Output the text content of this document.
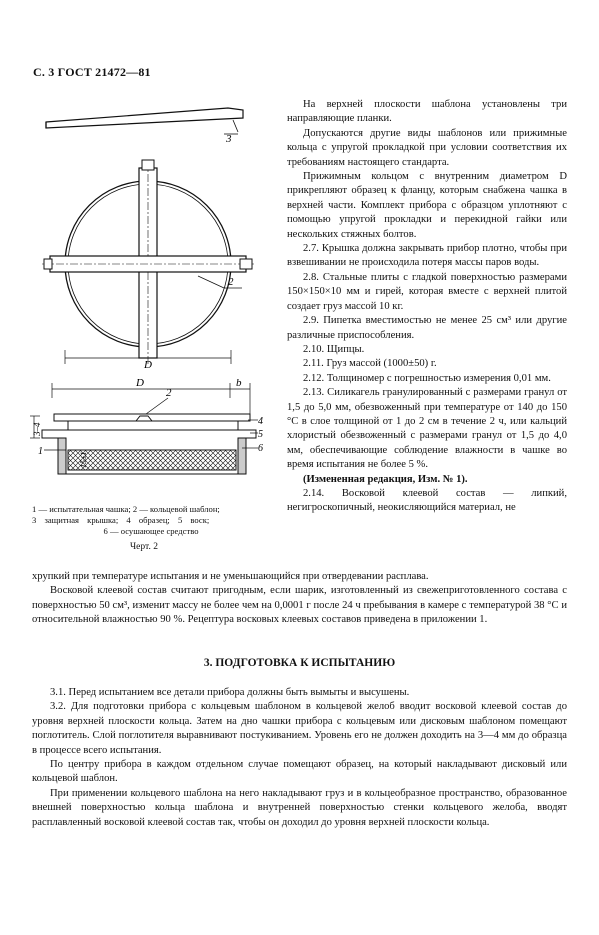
С. 3 ГОСТ 21472—81
3
2
D
D	b
2
4
5
6
1
3–4
15±1
1 — испытательная чашка; 2 — кольцевой шаблон;
3 защитная крышка; 4 образец; 5 воск;
6 — осушающее средство
Черт. 2

На верхней плоскости шаблона установлены три направляющие планки.

Допускаются другие виды шаблонов или прижимные кольца с упругой прокладкой при условии соответствия их требованиям настоящего стандарта.

Прижимным кольцом с внутренним диаметром D прикрепляют образец к фланцу, которым снабжена чашка в верхней части. Комплект прибора с образцом уплотняют с помощью упругой прокладки и перекидной гайки или нескольких стяжных болтов.

2.7. Крышка должна закрывать прибор плотно, чтобы при взвешивании не происходила потеря массы паров воды.

2.8. Стальные плиты с гладкой поверхностью размерами 150×150×10 мм и гирей, которая вместе с верхней плитой создает груз массой 10 кг.

2.9. Пипетка вместимостью не менее 25 см³ или другие различные приспособления.

2.10. Щипцы.

2.11. Груз массой (1000±50) г.

2.12. Толщиномер с погрешностью измерения 0,01 мм.

2.13. Силикагель гранулированный с размерами гранул от 1,5 до 5,0 мм, обезвоженный при температуре от 140 до 150 °С в слое толщиной от 1 до 2 см в течение 2 ч, или кальций хлористый обезвоженный с размерами гранул от 1,5 до 4,0 мм, обеспечивающие соблюдение влажности в чашке во время испытания не более 5 %.

(Измененная редакция, Изм. № 1).

2.14. Восковой клеевой состав — липкий, негигроскопичный, неокисляющийся материал, не

хрупкий при температуре испытания и не уменьшающийся при отвердевании расплава.

Восковой клеевой состав считают пригодным, если шарик, изготовленный из свежеприготовленного состава с поверхностью 50 см³, изменит массу не более чем на 0,0001 г после 24 ч пребывания в камере с температурой 38 °С и относительной влажностью 90 %. Рецептура восковых клеевых составов приведена в приложении 1.

3. ПОДГОТОВКА К ИСПЫТАНИЮ

3.1. Перед испытанием все детали прибора должны быть вымыты и высушены.

3.2. Для подготовки прибора с кольцевым шаблоном в кольцевой желоб вводит восковой клеевой состав до уровня верхней плоскости кольца. Затем на дно чашки прибора с кольцевым или дисковым шаблоном помещают поглотитель. Слой поглотителя выравнивают постукиванием. Уровень его не должен доходить на 3—4 мм до образца в процессе всего испытания.

По центру прибора в каждом отдельном случае помещают образец, на который накладывают дисковый или кольцевой шаблон.

При применении кольцевого шаблона на него накладывают груз и в кольцеобразное пространство, образованное внешней поверхностью кольца шаблона и внутренней поверхностью стенки кольцевого желоба, вводят расплавленный восковой клеевой состав так, чтобы он доходил до уровня верхней плоскости кольца.
